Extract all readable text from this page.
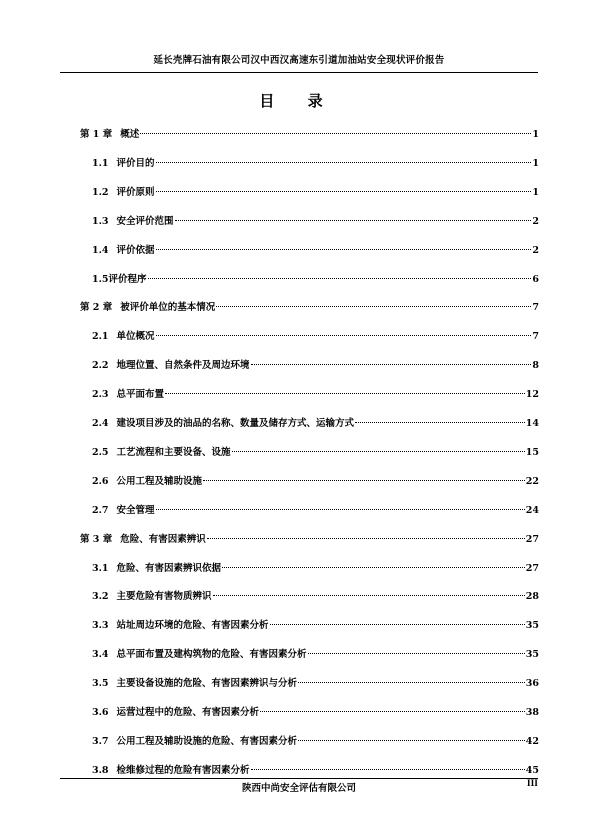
延长壳牌石油有限公司汉中西汉高速东引道加油站安全现状评价报告
目 录
第 1 章 概述	1
1.1 评价目的	1
1.2 评价原则	1
1.3 安全评价范围	2
1.4 评价依据	2
1.5 评价程序	6
第 2 章 被评价单位的基本情况	7
2.1 单位概况	7
2.2 地理位置、自然条件及周边环境	8
2.3 总平面布置	12
2.4 建设项目涉及的油品的名称、数量及储存方式、运输方式	14
2.5 工艺流程和主要设备、设施	15
2.6 公用工程及辅助设施	22
2.7 安全管理	24
第 3 章 危险、有害因素辨识	27
3.1 危险、有害因素辨识依据	27
3.2 主要危险有害物质辨识	28
3.3 站址周边环境的危险、有害因素分析	35
3.4 总平面布置及建构筑物的危险、有害因素分析	35
3.5 主要设备设施的危险、有害因素辨识与分析	36
3.6 运营过程中的危险、有害因素分析	38
3.7 公用工程及辅助设施的危险、有害因素分析	42
3.8 检维修过程的危险有害因素分析	45
陕西中尚安全评估有限公司	III
